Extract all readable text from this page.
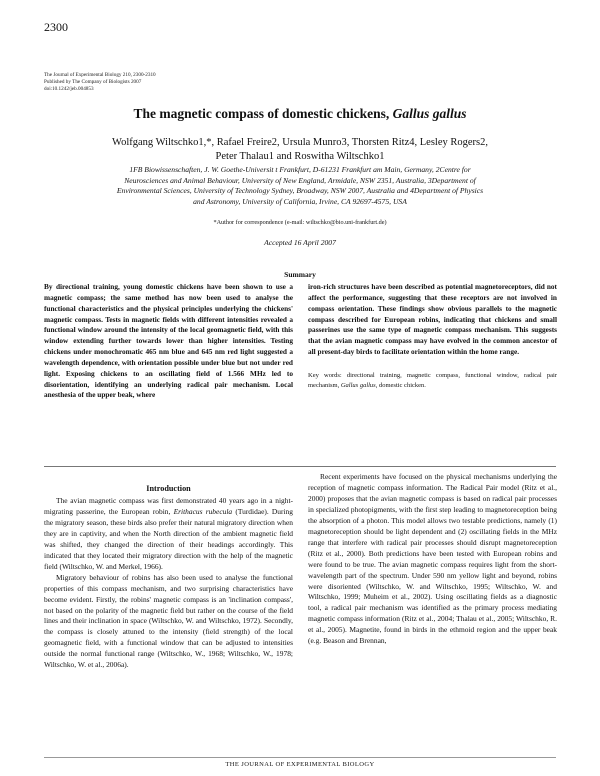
2300
The Journal of Experimental Biology 210, 2300-2310
Published by The Company of Biologists 2007
doi:10.1242/jeb.004853
The magnetic compass of domestic chickens, Gallus gallus
Wolfgang Wiltschko1,*, Rafael Freire2, Ursula Munro3, Thorsten Ritz4, Lesley Rogers2,
Peter Thalau1 and Roswitha Wiltschko1
1FB Biowissenschaften, J. W. Goethe-Universit t Frankfurt, D-61231 Frankfurt am Main, Germany, 2Centre for
Neurosciences and Animal Behaviour, University of New England, Armidale, NSW 2351, Australia, 3Department of
Environmental Sciences, University of Technology Sydney, Broadway, NSW 2007, Australia and 4Department of Physics
and Astronomy, University of California, Irvine, CA 92697-4575, USA
*Author for correspondence (e-mail: wiltschko@bio.uni-frankfurt.de)
Accepted 16 April 2007
Summary
By directional training, young domestic chickens have been shown to use a magnetic compass; the same method has now been used to analyse the functional characteristics and the physical principles underlying the chickens' magnetic compass. Tests in magnetic fields with different intensities revealed a functional window around the intensity of the local geomagnetic field, with this window extending further towards lower than higher intensities. Testing chickens under monochromatic 465 nm blue and 645 nm red light suggested a wavelength dependence, with orientation possible under blue but not under red light. Exposing chickens to an oscillating field of 1.566 MHz led to disorientation, identifying an underlying radical pair mechanism. Local anesthesia of the upper beak, where
iron-rich structures have been described as potential magnetoreceptors, did not affect the performance, suggesting that these receptors are not involved in compass orientation. These findings show obvious parallels to the magnetic compass described for European robins, indicating that chickens and small passerines use the same type of magnetic compass mechanism. This suggests that the avian magnetic compass may have evolved in the common ancestor of all present-day birds to facilitate orientation within the home range.
Key words: directional training, magnetic compass, functional window, radical pair mechanism, Gallus gallus, domestic chicken.
Introduction

The avian magnetic compass was first demonstrated 40 years ago in a night-migrating passerine, the European robin, Erithacus rubecula (Turdidae). During the migratory season, these birds also prefer their natural migratory direction when they are in captivity, and when the North direction of the ambient magnetic field was shifted, they changed the direction of their headings accordingly. This indicated that they located their migratory direction with the help of the magnetic field (Wiltschko, W. and Merkel, 1966).

Migratory behaviour of robins has also been used to analyse the functional properties of this compass mechanism, and two surprising characteristics have become evident. Firstly, the robins' magnetic compass is an 'inclination compass', not based on the polarity of the magnetic field but rather on the course of the field lines and their inclination in space (Wiltschko, W. and Wiltschko, 1972). Secondly, the compass is closely attuned to the intensity (field strength) of the local geomagnetic field, with a functional window that can be adjusted to intensities outside the normal functional range (Wiltschko, W., 1968; Wiltschko, W., 1978; Wiltschko, W. et al., 2006a).

Recent experiments have focused on the physical mechanisms underlying the reception of magnetic compass information. The Radical Pair model (Ritz et al., 2000) proposes that the avian magnetic compass is based on radical pair processes in specialized photopigments, with the first step leading to magnetoreception being the absorption of a photon. This model allows two testable predictions, namely (1) magnetoreception should be light dependent and (2) oscillating fields in the MHz range that interfere with radical pair processes should disrupt magnetoreception (Ritz et al., 2000). Both predictions have been tested with European robins and were found to be true. The avian magnetic compass requires light from the short-wavelength part of the spectrum. Under 590 nm yellow light and beyond, robins were disoriented (Wiltschko, W. and Wiltschko, 1995; Wiltschko, W. and Wiltschko, 1999; Muheim et al., 2002). Using oscillating fields as a diagnostic tool, a radical pair mechanism was identified as the primary process mediating magnetic compass information (Ritz et al., 2004; Thalau et al., 2005; Wiltschko, R. et al., 2005). Magnetite, found in birds in the ethmoid region and the upper beak (e.g. Beason and Brennan,

THE JOURNAL OF EXPERIMENTAL BIOLOGY
